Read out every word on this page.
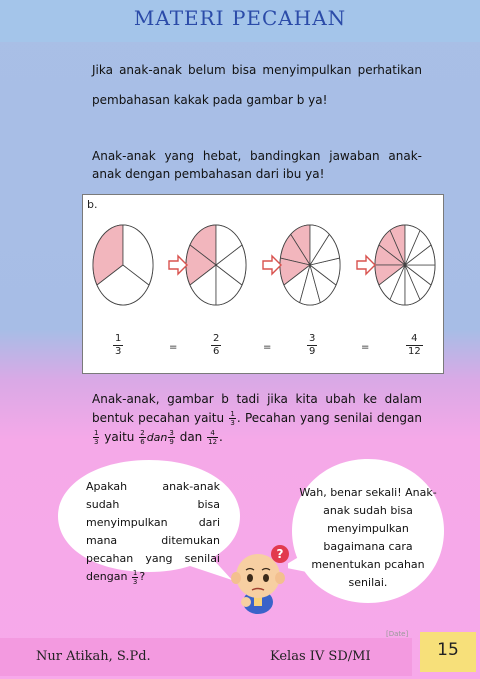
MATERI PECAHAN
Jika anak-anak belum bisa menyimpulkan perhatikan pembahasan kakak pada gambar b ya!
Anak-anak yang hebat, bandingkan jawaban anak-anak dengan pembahasan dari ibu ya!
b.
1
3	=
2
6	=
3
9	=
4
12
Anak-anak, gambar b tadi jika kita ubah ke dalam bentuk pecahan yaitu $\frac{1}{3}$ . Pecahan yang senilai dengan
$\frac{1}{3}$ yaitu $\frac{2}{6}$ dan $\frac{3}{9}$ dan $\frac{4}{12}$ .
Apakah anak-anak sudah bisa menyimpulkan dari mana ditemukan pecahan yang senilai dengan $\frac{1}{3}$ ?
Wah, benar sekali! Anak-anak sudah bisa menyimpulkan bagaimana cara menentukan pcahan senilai.
?
[Date]
Nur Atikah, S.Pd.	Kelas IV SD/MI	15
